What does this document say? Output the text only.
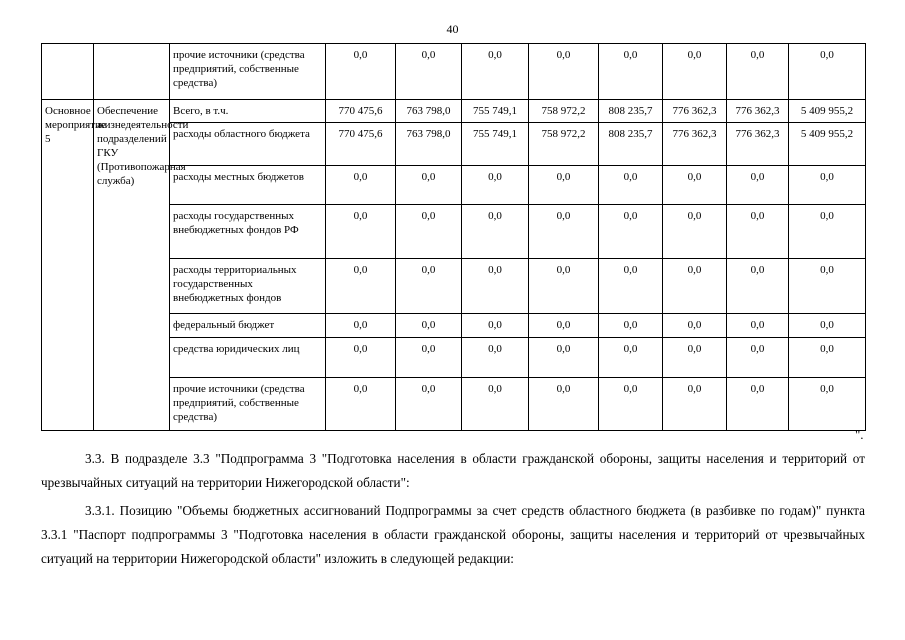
40
		прочие источники (средства предприятий, собственные средства)	0,0	0,0	0,0	0,0	0,0	0,0	0,0	0,0
Основное мероприятие 5	Обеспечение жизнедеятельности подразделений ГКУ (Противопожарная служба)	Всего, в т.ч.	770 475,6	763 798,0	755 749,1	758 972,2	808 235,7	776 362,3	776 362,3	5 409 955,2
		расходы областного бюджета	770 475,6	763 798,0	755 749,1	758 972,2	808 235,7	776 362,3	776 362,3	5 409 955,2
		расходы местных бюджетов	0,0	0,0	0,0	0,0	0,0	0,0	0,0	0,0
		расходы государственных внебюджетных фондов РФ	0,0	0,0	0,0	0,0	0,0	0,0	0,0	0,0
		расходы территориальных государственных внебюджетных фондов	0,0	0,0	0,0	0,0	0,0	0,0	0,0	0,0
		федеральный бюджет	0,0	0,0	0,0	0,0	0,0	0,0	0,0	0,0
		средства юридических лиц	0,0	0,0	0,0	0,0	0,0	0,0	0,0	0,0
		прочие источники (средства предприятий, собственные средства)	0,0	0,0	0,0	0,0	0,0	0,0	0,0	0,0
".
3.3. В подразделе 3.3 "Подпрограмма 3 "Подготовка населения в области гражданской обороны, защиты населения и территорий от чрезвычайных ситуаций на территории Нижегородской области":
3.3.1. Позицию "Объемы бюджетных ассигнований Подпрограммы за счет средств областного бюджета (в разбивке по годам)" пункта 3.3.1 "Паспорт подпрограммы 3 "Подготовка населения в области гражданской обороны, защиты населения и территорий от чрезвычайных ситуаций на территории Нижегородской области" изложить в следующей редакции:
